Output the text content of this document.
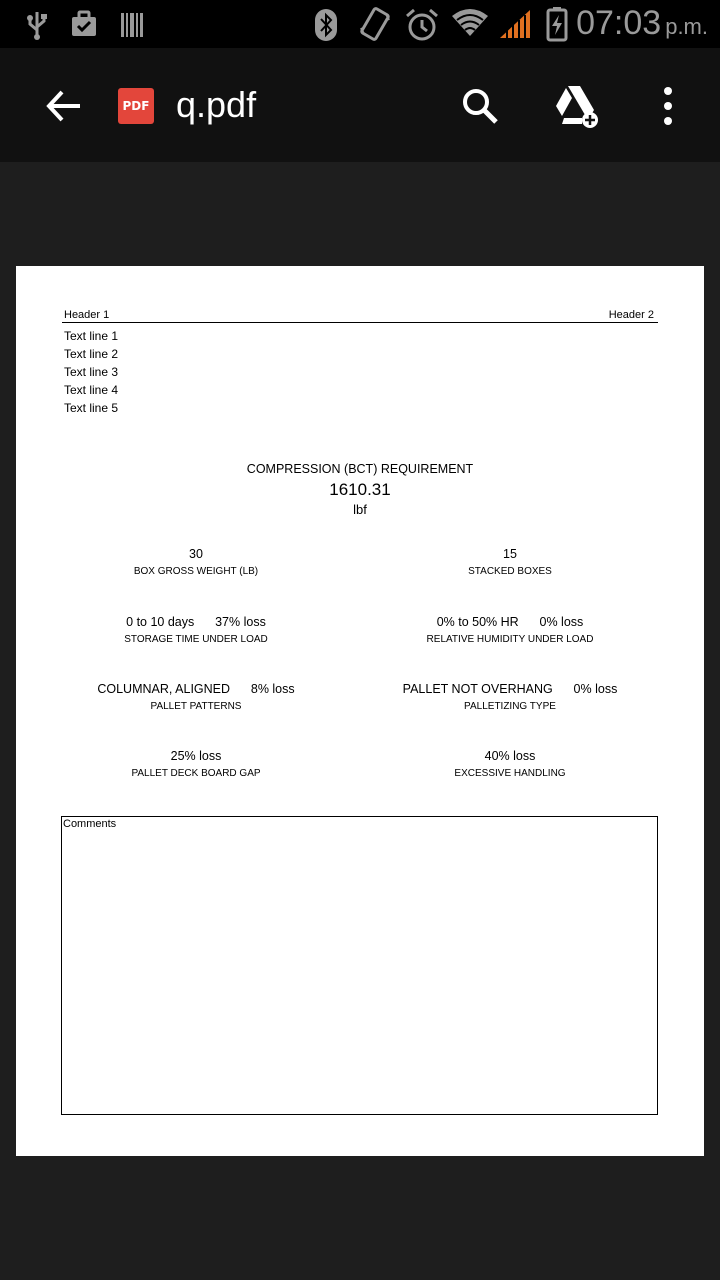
07:03 p.m.
PDF q.pdf
Header 1	Header 2
Text line 1
Text line 2
Text line 3
Text line 4
Text line 5
COMPRESSION (BCT) REQUIREMENT
1610.31
lbf
30
BOX GROSS WEIGHT (LB)
15
STACKED BOXES
0 to 10 days      37% loss
STORAGE TIME UNDER LOAD
0% to 50% HR      0% loss
RELATIVE HUMIDITY UNDER LOAD
COLUMNAR, ALIGNED      8% loss
PALLET PATTERNS
PALLET NOT OVERHANG      0% loss
PALLETIZING TYPE
25% loss
PALLET DECK BOARD GAP
40% loss
EXCESSIVE HANDLING
Comments
